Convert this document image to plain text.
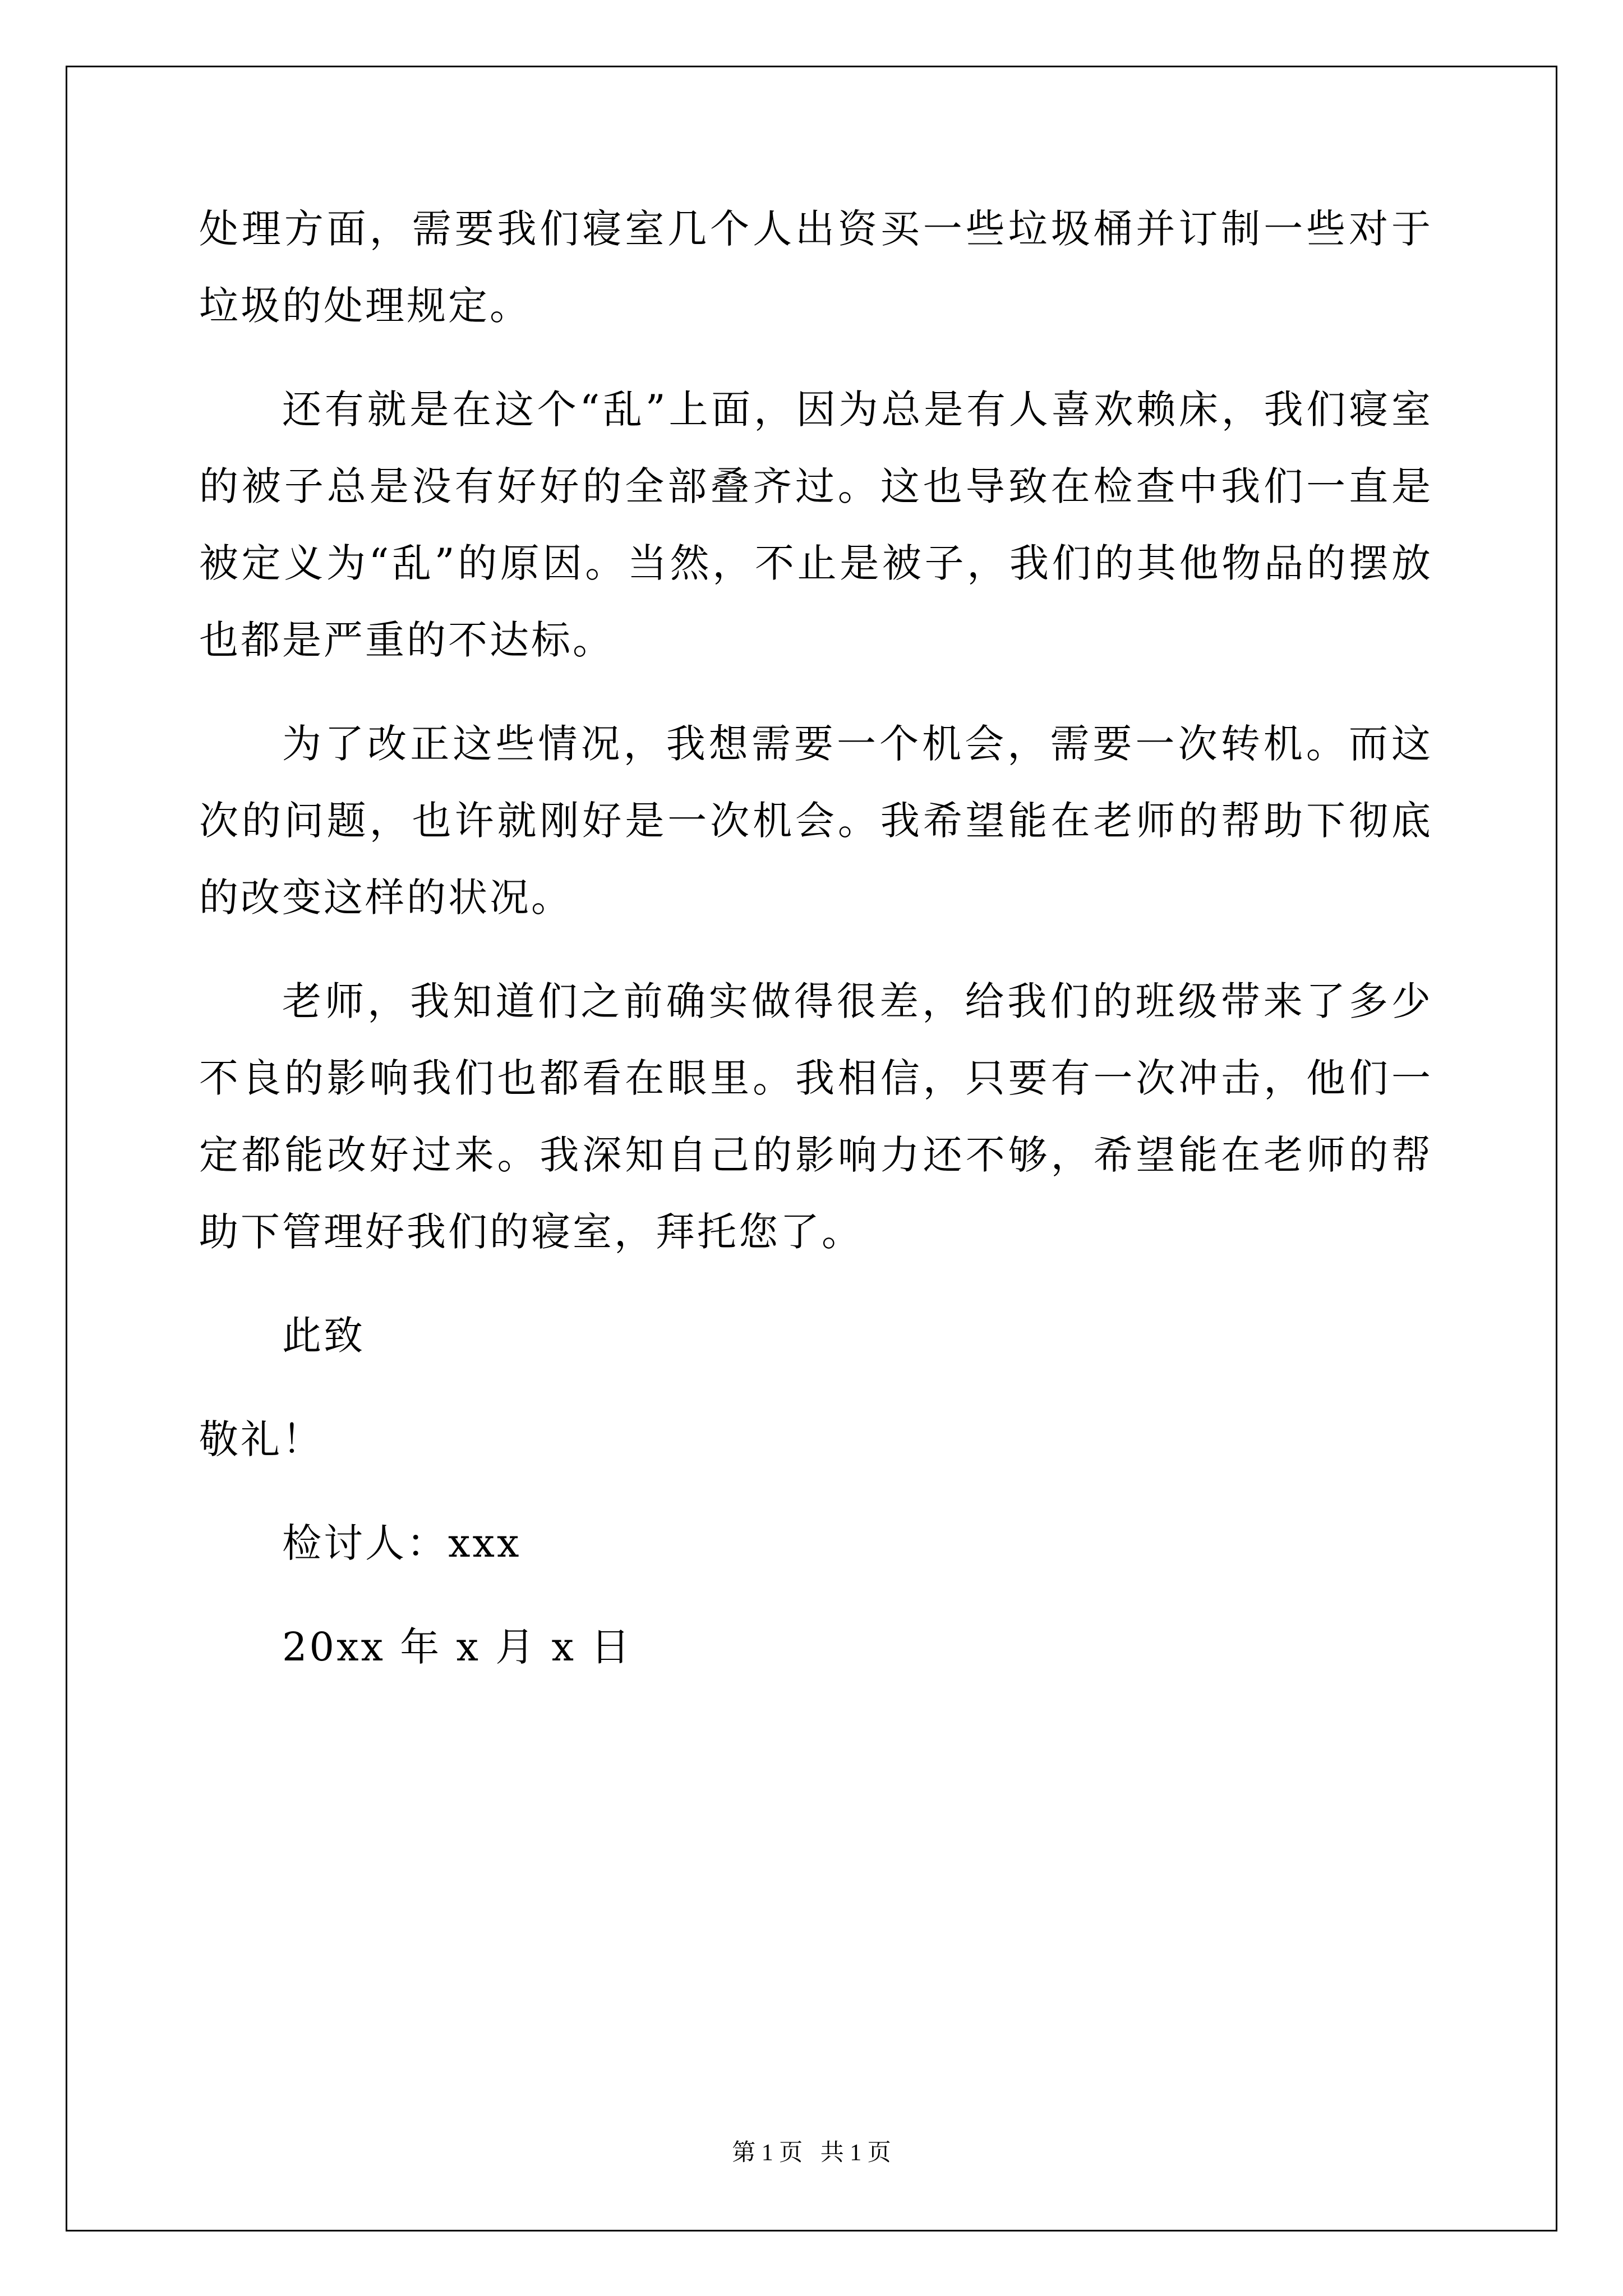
处理方面，需要我们寝室几个人出资买一些垃圾桶并订制一些对于垃圾的处理规定。

还有就是在这个“乱”上面，因为总是有人喜欢赖床，我们寝室的被子总是没有好好的全部叠齐过。这也导致在检查中我们一直是被定义为“乱”的原因。当然，不止是被子，我们的其他物品的摆放也都是严重的不达标。

为了改正这些情况，我想需要一个机会，需要一次转机。而这次的问题，也许就刚好是一次机会。我希望能在老师的帮助下彻底的改变这样的状况。

老师，我知道们之前确实做得很差，给我们的班级带来了多少不良的影响我们也都看在眼里。我相信，只要有一次冲击，他们一定都能改好过来。我深知自己的影响力还不够，希望能在老师的帮助下管理好我们的寝室，拜托您了。

此致

敬礼！

检讨人：xxx

20xx 年 x 月 x 日

第 1 页   共 1 页
